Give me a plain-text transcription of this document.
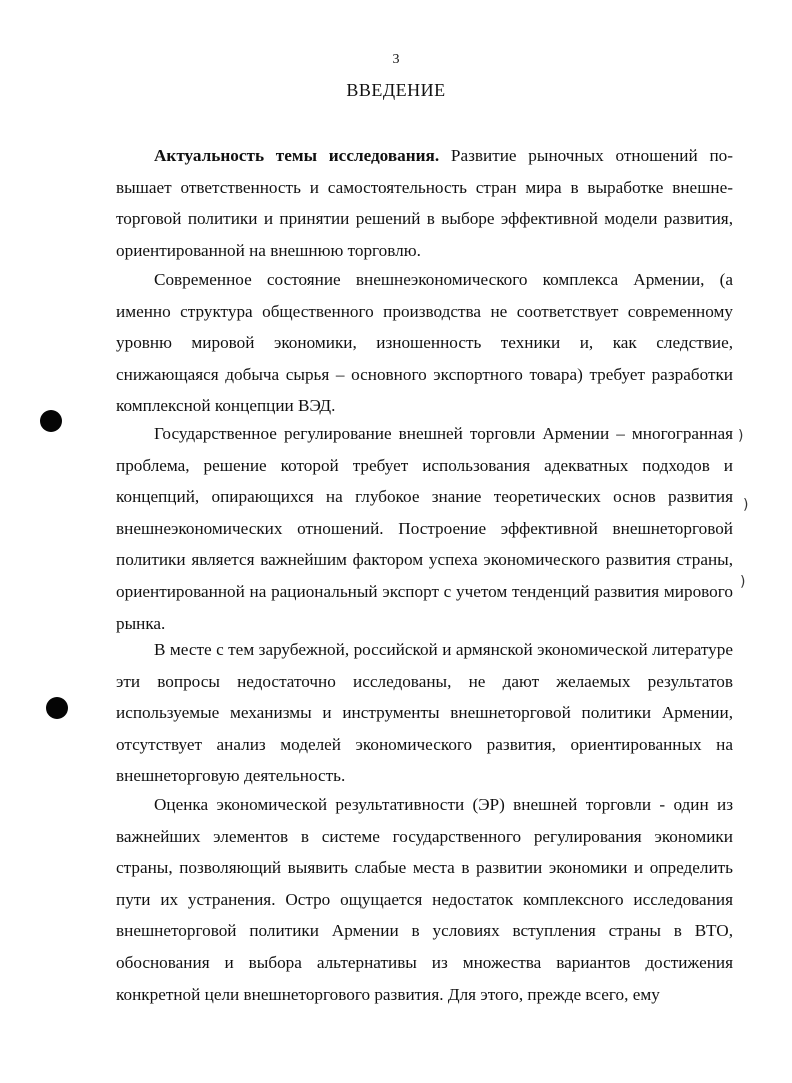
3
ВВЕДЕНИЕ

Актуальность темы исследования. Развитие рыночных отношений повышает ответственность и самостоятельность стран мира в выработке внешнеторговой политики и принятии решений в выборе эффективной модели развития, ориентированной на внешнюю торговлю.

Современное состояние внешнеэкономического комплекса Армении, (а именно структура общественного производства не соответствует современному уровню мировой экономики, изношенность техники и, как следствие, снижающаяся добыча сырья – основного экспортного товара) требует разработки комплексной концепции ВЭД.

Государственное регулирование внешней торговли Армении – многогранная проблема, решение которой требует использования адекватных подходов и концепций, опирающихся на глубокое знание теоретических основ развития внешнеэкономических отношений. Построение эффективной внешнеторговой политики является важнейшим фактором успеха экономического развития страны, ориентированной на рациональный экспорт с учетом тенденций развития мирового рынка.

В месте с тем зарубежной, российской и армянской экономической литературе эти вопросы недостаточно исследованы, не дают желаемых результатов используемые механизмы и инструменты внешнеторговой политики Армении, отсутствует анализ моделей экономического развития, ориентированных на внешнеторговую деятельность.

Оценка экономической результативности (ЭР) внешней торговли - один из важнейших элементов в системе государственного регулирования экономики страны, позволяющий выявить слабые места в развитии экономики и определить пути их устранения. Остро ощущается недостаток комплексного исследования внешнеторговой политики Армении в условиях вступления страны в ВТО, обоснования и выбора альтернативы из множества вариантов достижения конкретной цели внешнеторгового развития. Для этого, прежде всего, ему

)
)
)
